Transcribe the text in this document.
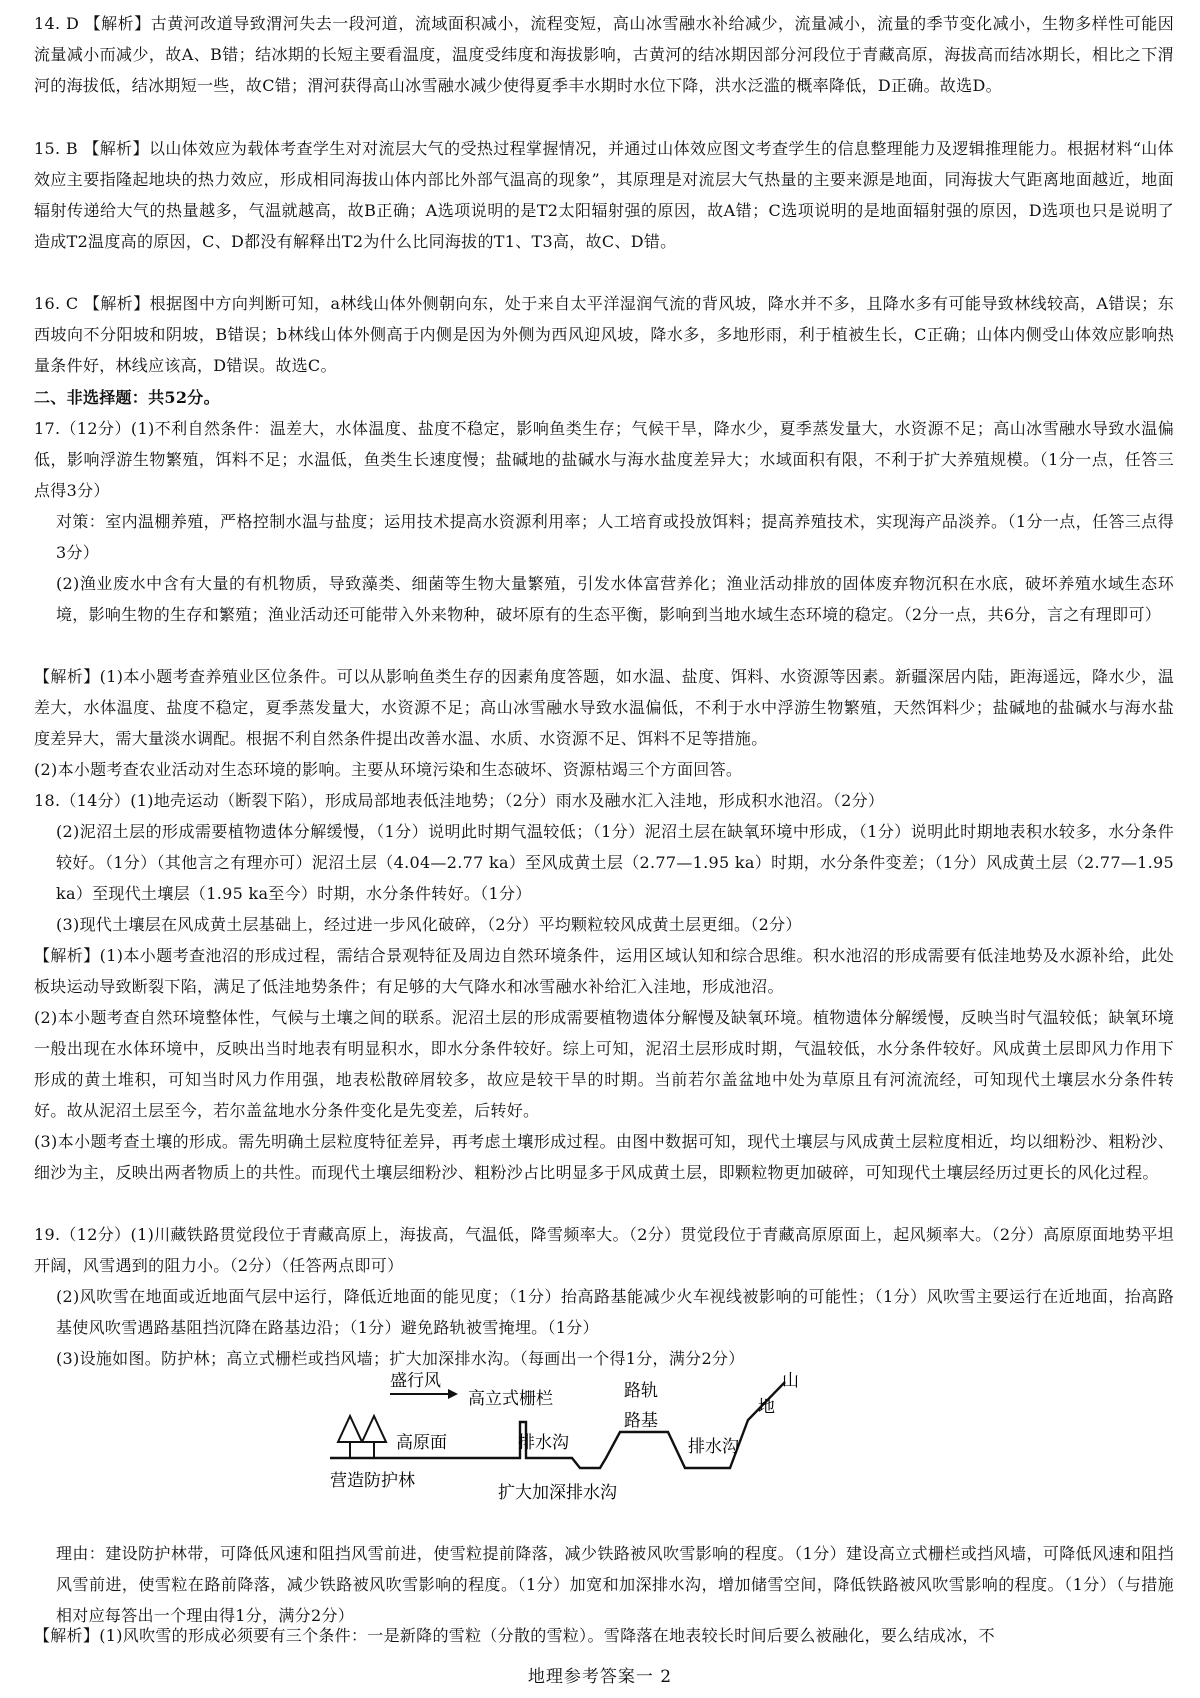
14. D 【解析】古黄河改道导致渭河失去一段河道，流域面积减小，流程变短，高山冰雪融水补给减少，流量减小，流量的季节变化减小，生物多样性可能因流量减小而减少，故A、B错；结冰期的长短主要看温度，温度受纬度和海拔影响，古黄河的结冰期因部分河段位于青藏高原，海拔高而结冰期长，相比之下渭河的海拔低，结冰期短一些，故C错；渭河获得高山冰雪融水减少使得夏季丰水期时水位下降，洪水泛滥的概率降低，D正确。故选D。
15. B 【解析】以山体效应为载体考查学生对对流层大气的受热过程掌握情况，并通过山体效应图文考查学生的信息整理能力及逻辑推理能力。根据材料“山体效应主要指隆起地块的热力效应，形成相同海拔山体内部比外部气温高的现象”，其原理是对流层大气热量的主要来源是地面，同海拔大气距离地面越近，地面辐射传递给大气的热量越多，气温就越高，故B正确；A选项说明的是T2太阳辐射强的原因，故A错；C选项说明的是地面辐射强的原因，D选项也只是说明了造成T2温度高的原因，C、D都没有解释出T2为什么比同海拔的T1、T3高，故C、D错。
16. C 【解析】根据图中方向判断可知，a林线山体外侧朝向东，处于来自太平洋湿润气流的背风坡，降水并不多，且降水多有可能导致林线较高，A错误；东西坡向不分阳坡和阴坡，B错误；b林线山体外侧高于内侧是因为外侧为西风迎风坡，降水多，多地形雨，利于植被生长，C正确；山体内侧受山体效应影响热量条件好，林线应该高，D错误。故选C。
二、非选择题：共52分。
17.（12分）(1)不利自然条件：温差大，水体温度、盐度不稳定，影响鱼类生存；气候干旱，降水少，夏季蒸发量大，水资源不足；高山冰雪融水导致水温偏低，影响浮游生物繁殖，饵料不足；水温低，鱼类生长速度慢；盐碱地的盐碱水与海水盐度差异大；水域面积有限，不利于扩大养殖规模。（1分一点，任答三点得3分）
对策：室内温棚养殖，严格控制水温与盐度；运用技术提高水资源利用率；人工培育或投放饵料；提高养殖技术，实现海产品淡养。（1分一点，任答三点得3分）
(2)渔业废水中含有大量的有机物质，导致藻类、细菌等生物大量繁殖，引发水体富营养化；渔业活动排放的固体废弃物沉积在水底，破坏养殖水域生态环境，影响生物的生存和繁殖；渔业活动还可能带入外来物种，破坏原有的生态平衡，影响到当地水域生态环境的稳定。（2分一点，共6分，言之有理即可）
【解析】(1)本小题考查养殖业区位条件。可以从影响鱼类生存的因素角度答题，如水温、盐度、饵料、水资源等因素。新疆深居内陆，距海遥远，降水少，温差大，水体温度、盐度不稳定，夏季蒸发量大，水资源不足；高山冰雪融水导致水温偏低，不利于水中浮游生物繁殖，天然饵料少；盐碱地的盐碱水与海水盐度差异大，需大量淡水调配。根据不利自然条件提出改善水温、水质、水资源不足、饵料不足等措施。
(2)本小题考查农业活动对生态环境的影响。主要从环境污染和生态破坏、资源枯竭三个方面回答。
18.（14分）(1)地壳运动（断裂下陷），形成局部地表低洼地势；（2分）雨水及融水汇入洼地，形成积水池沼。（2分）
(2)泥沼土层的形成需要植物遗体分解缓慢，（1分）说明此时期气温较低；（1分）泥沼土层在缺氧环境中形成，（1分）说明此时期地表积水较多，水分条件较好。（1分）（其他言之有理亦可）泥沼土层（4.04—2.77 ka）至风成黄土层（2.77—1.95 ka）时期，水分条件变差；（1分）风成黄土层（2.77—1.95 ka）至现代土壤层（1.95 ka至今）时期，水分条件转好。（1分）
(3)现代土壤层在风成黄土层基础上，经过进一步风化破碎，（2分）平均颗粒较风成黄土层更细。（2分）
【解析】(1)本小题考查池沼的形成过程，需结合景观特征及周边自然环境条件，运用区域认知和综合思维。积水池沼的形成需要有低洼地势及水源补给，此处板块运动导致断裂下陷，满足了低洼地势条件；有足够的大气降水和冰雪融水补给汇入洼地，形成池沼。
(2)本小题考查自然环境整体性，气候与土壤之间的联系。泥沼土层的形成需要植物遗体分解慢及缺氧环境。植物遗体分解缓慢，反映当时气温较低；缺氧环境一般出现在水体环境中，反映出当时地表有明显积水，即水分条件较好。综上可知，泥沼土层形成时期，气温较低，水分条件较好。风成黄土层即风力作用下形成的黄土堆积，可知当时风力作用强，地表松散碎屑较多，故应是较干旱的时期。当前若尔盖盆地中处为草原且有河流流经，可知现代土壤层水分条件转好。故从泥沼土层至今，若尔盖盆地水分条件变化是先变差，后转好。
(3)本小题考查土壤的形成。需先明确土层粒度特征差异，再考虑土壤形成过程。由图中数据可知，现代土壤层与风成黄土层粒度相近，均以细粉沙、粗粉沙、细沙为主，反映出两者物质上的共性。而现代土壤层细粉沙、粗粉沙占比明显多于风成黄土层，即颗粒物更加破碎，可知现代土壤层经历过更长的风化过程。
19.（12分）(1)川藏铁路贯觉段位于青藏高原上，海拔高，气温低，降雪频率大。（2分）贯觉段位于青藏高原原面上，起风频率大。（2分）高原原面地势平坦开阔，风雪遇到的阻力小。（2分）（任答两点即可）
(2)风吹雪在地面或近地面气层中运行，降低近地面的能见度；（1分）抬高路基能减少火车视线被影响的可能性；（1分）风吹雪主要运行在近地面，抬高路基使风吹雪遇路基阻挡沉降在路基边沿；（1分）避免路轨被雪掩埋。（1分）
(3)设施如图。防护林；高立式栅栏或挡风墙；扩大加深排水沟。（每画出一个得1分，满分2分）
盛行风
高立式栅栏	路轨
路基
山
地
高原面	排水沟	排水沟
营造防护林
扩大加深排水沟
理由：建设防护林带，可降低风速和阻挡风雪前进，使雪粒提前降落，减少铁路被风吹雪影响的程度。（1分）建设高立式栅栏或挡风墙，可降低风速和阻挡风雪前进，使雪粒在路前降落，减少铁路被风吹雪影响的程度。（1分）加宽和加深排水沟，增加储雪空间，降低铁路被风吹雪影响的程度。（1分）（与措施相对应每答出一个理由得1分，满分2分）
【解析】(1)风吹雪的形成必须要有三个条件：一是新降的雪粒（分散的雪粒）。雪降落在地表较长时间后要么被融化，要么结成冰，不
地理参考答案一 2
